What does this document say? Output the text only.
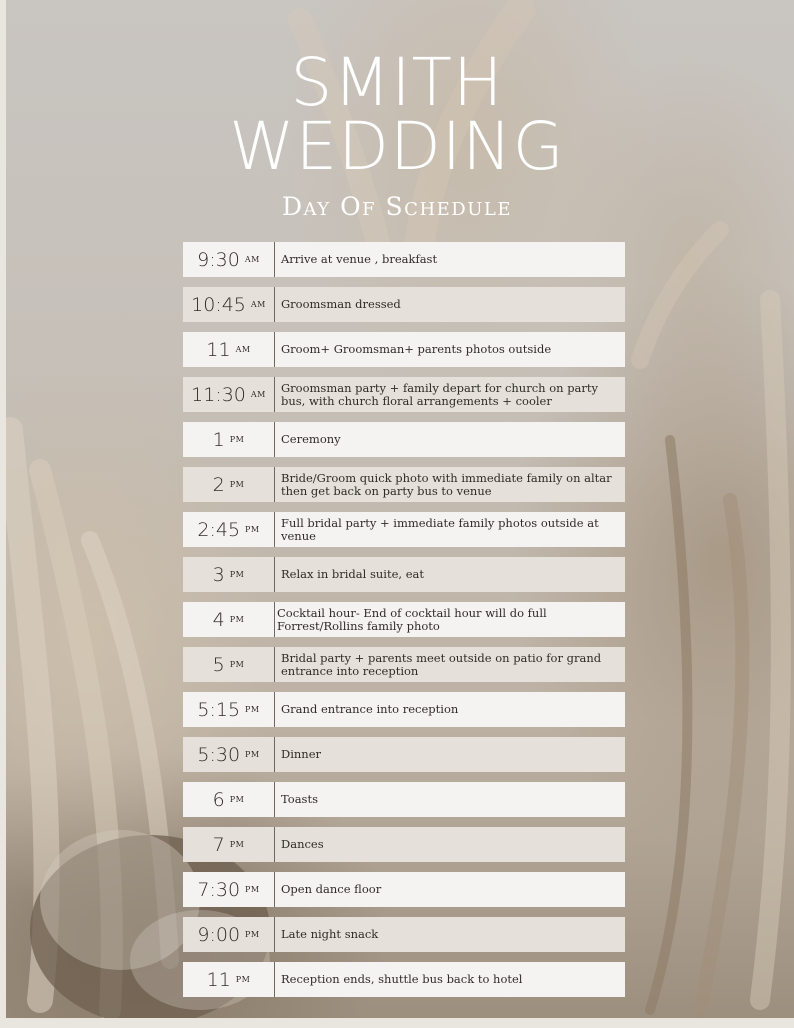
SMITH
WEDDING
Day Of Schedule
9:30 AM	Arrive at venue , breakfast
10:45 AM	Groomsman dressed
11 AM	Groom+ Groomsman+ parents photos outside
11:30 AM	Groomsman party + family depart for church on party bus, with church floral arrangements + cooler
1 PM	Ceremony
2 PM	Bride/Groom quick photo with immediate family on altar then get back on party bus to venue
2:45 PM	Full bridal party + immediate family photos outside at venue
3 PM	Relax in bridal suite, eat
4 PM	Cocktail hour- End of cocktail hour will do full Forrest/Rollins family photo
5 PM	Bridal party + parents meet outside on patio for grand entrance into reception
5:15 PM	Grand entrance into reception
5:30 PM	Dinner
6 PM	Toasts
7 PM	Dances
7:30 PM	Open dance floor
9:00 PM	Late night snack
11 PM	Reception ends, shuttle bus back to hotel
